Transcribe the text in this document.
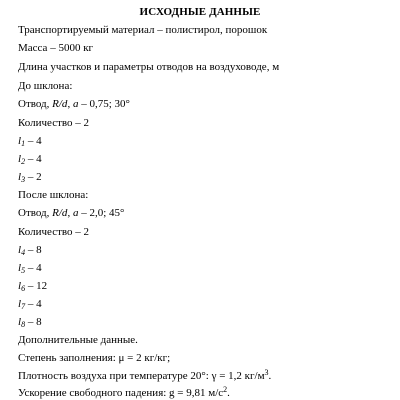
ИСХОДНЫЕ ДАННЫЕ
Транспортируемый материал – полистирол, порошок
Масса – 5000 кг
Длина участков и параметры отводов на воздуховоде, м
До шклона:
Отвод, R/d, a – 0,75; 30°
Количество – 2
$l_1 - 4$
$l_2 - 4$
$l_3 - 2$
После шклона:
Отвод, R/d, a – 2,0; 45°
Количество – 2
$l_4 - 8$
$l_5 - 4$
$l_6 - 12$
$l_7 - 4$
$l_8 - 8$
Дополнительные данные.
Степень заполнения: μ = 2 кг/кг;
Плотность воздуха при температуре 20°: γ = 1,2 $кг/м^3$.
Ускорение свободного падения: g = 9,81 $м/с^2$.
